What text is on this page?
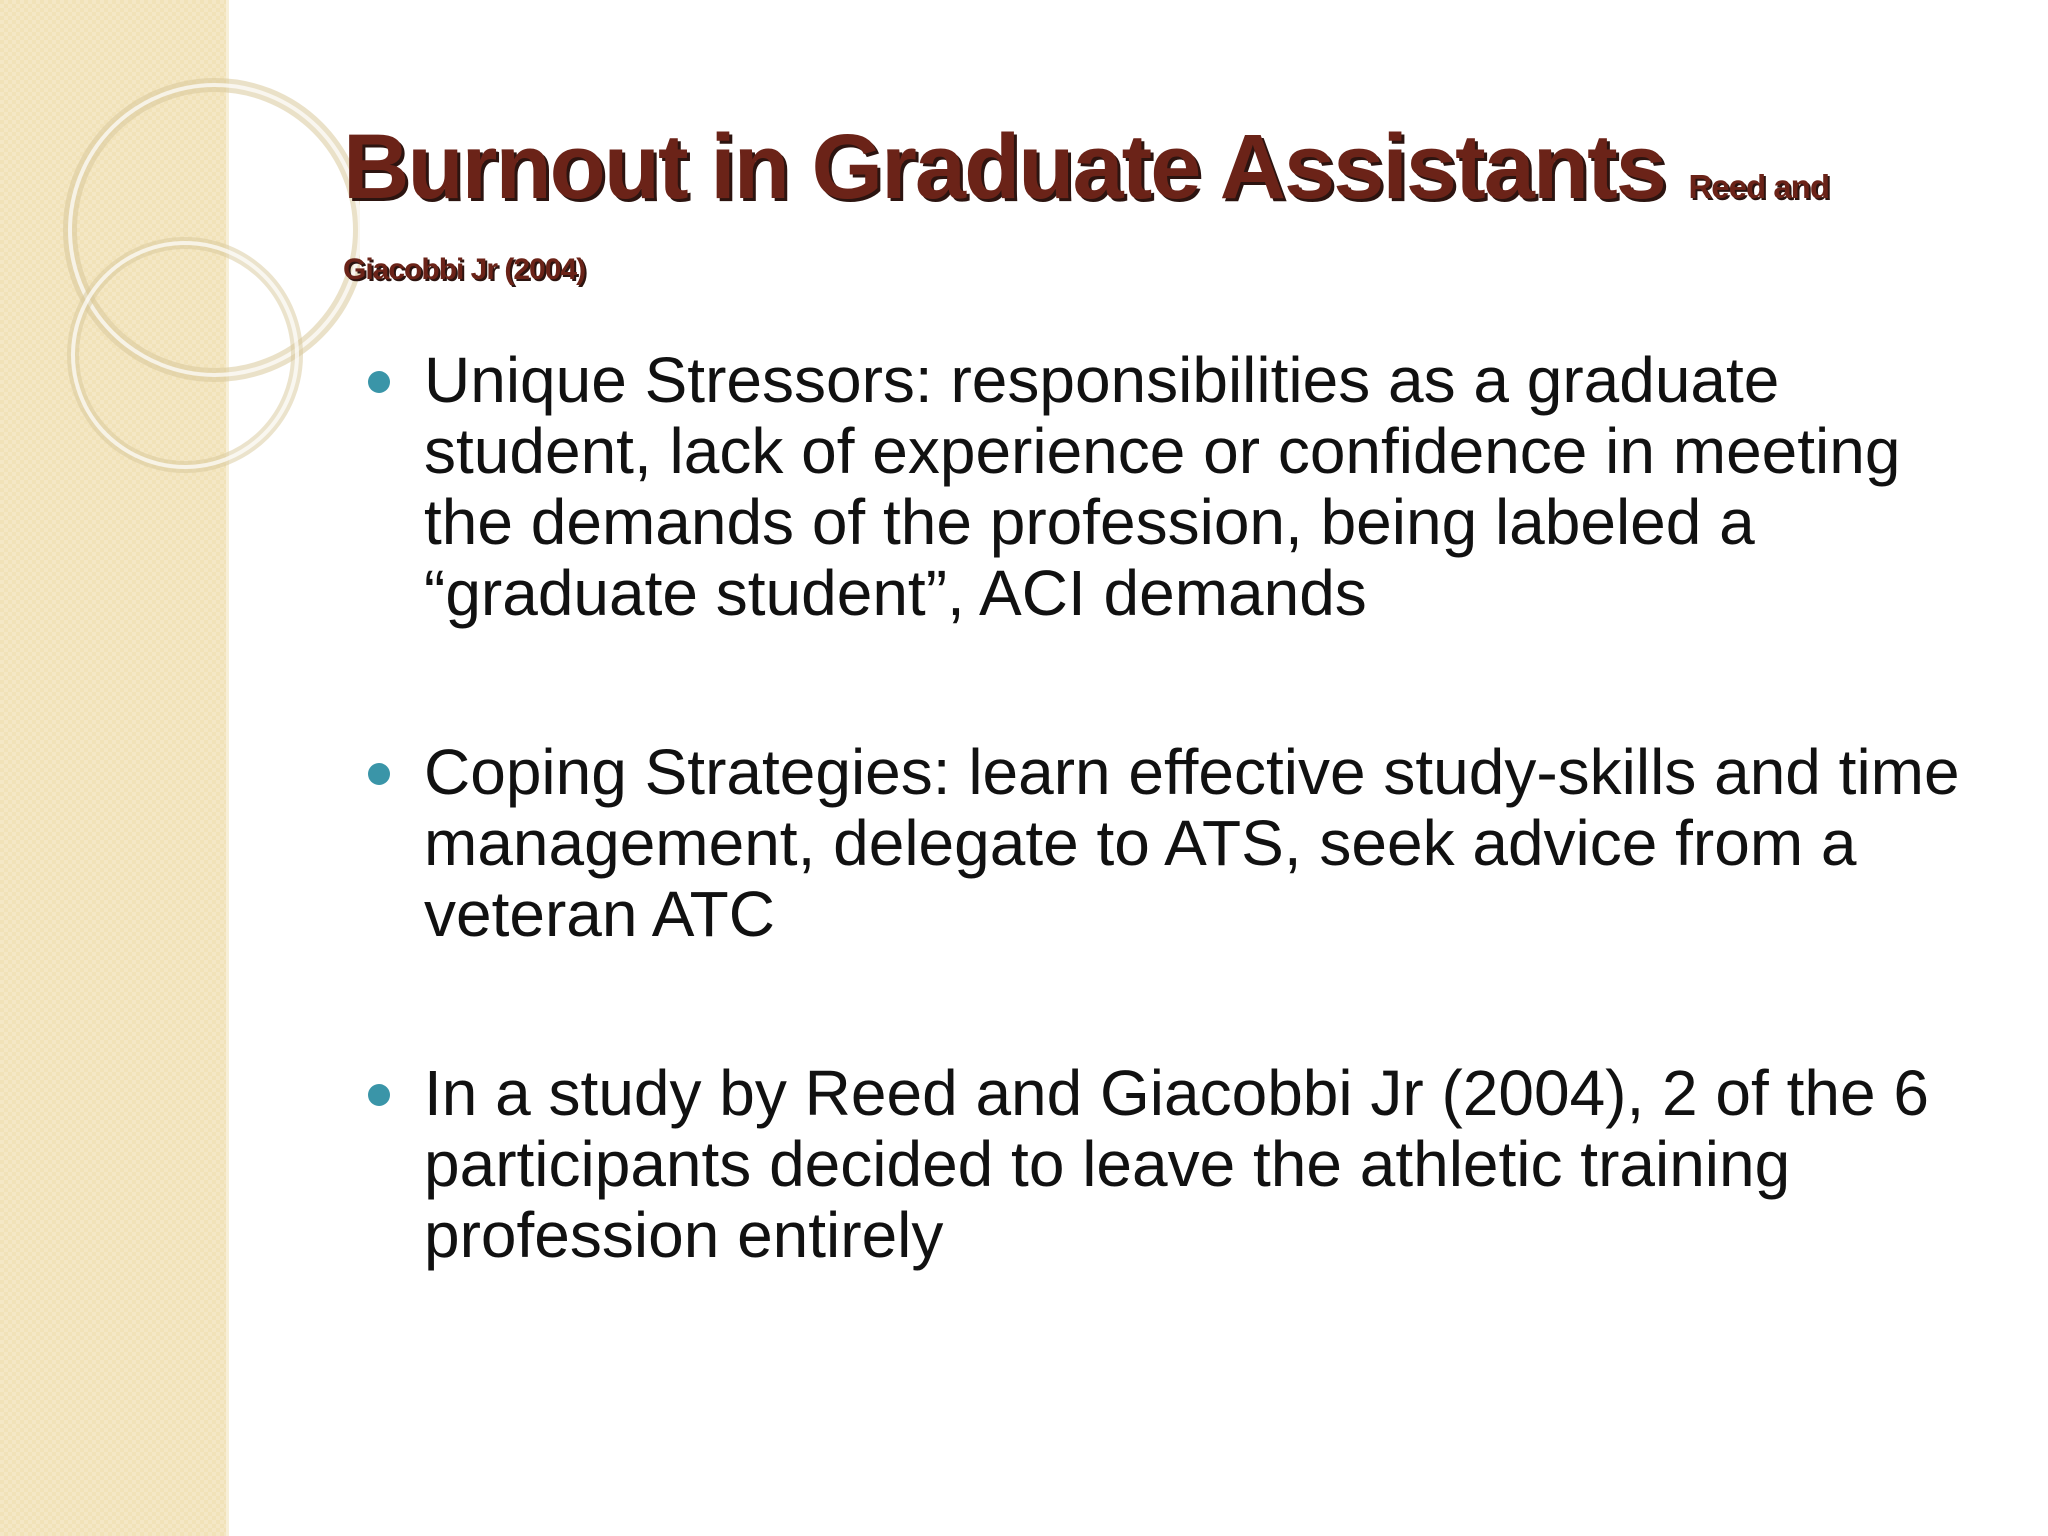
Burnout in Graduate Assistants Reed and
Giacobbi Jr (2004)
Unique Stressors: responsibilities as a graduate student, lack of experience or confidence in meeting the demands of the profession, being labeled a “graduate student”, ACI demands
Coping Strategies: learn effective study-skills and time management, delegate to ATS, seek advice from a veteran ATC
In a study by Reed and Giacobbi Jr (2004), 2 of the 6 participants decided to leave the athletic training profession entirely
